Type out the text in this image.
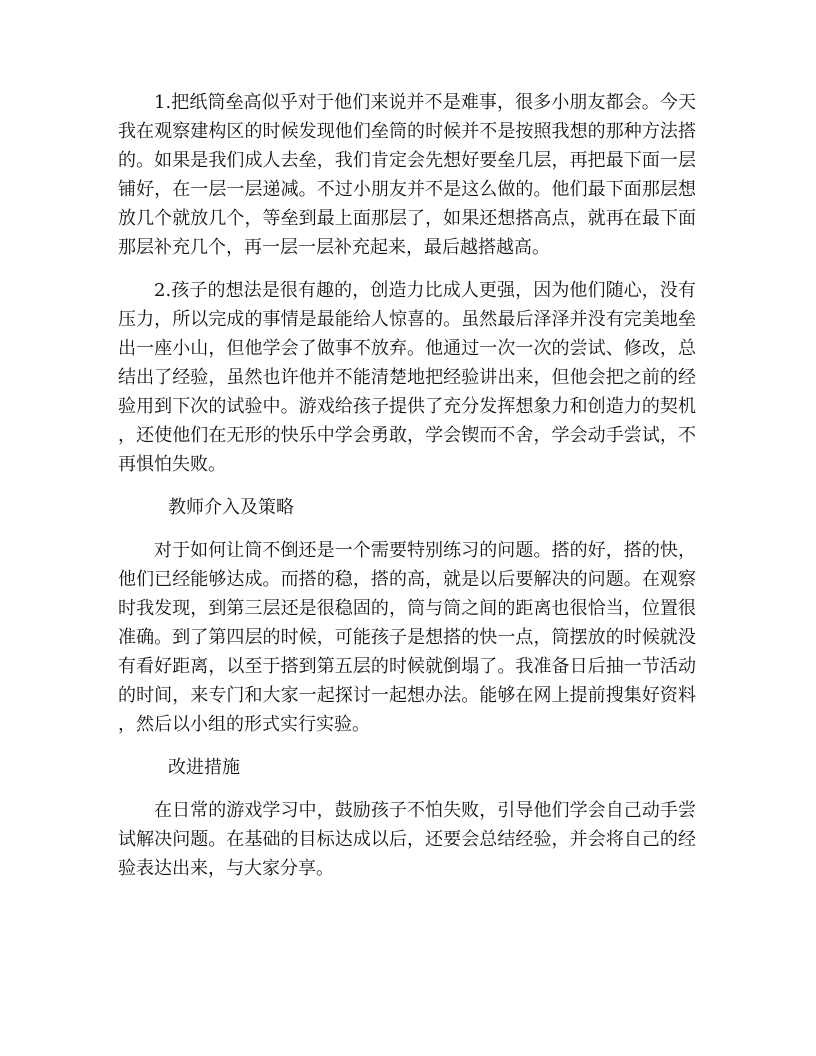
1.把纸筒垒高似乎对于他们来说并不是难事，很多小朋友都会。今天我在观察建构区的时候发现他们垒筒的时候并不是按照我想的那种方法搭的。如果是我们成人去垒，我们肯定会先想好要垒几层，再把最下面一层铺好，在一层一层递减。不过小朋友并不是这么做的。他们最下面那层想放几个就放几个，等垒到最上面那层了，如果还想搭高点，就再在最下面那层补充几个，再一层一层补充起来，最后越搭越高。

2.孩子的想法是很有趣的，创造力比成人更强，因为他们随心，没有压力，所以完成的事情是最能给人惊喜的。虽然最后泽泽并没有完美地垒出一座小山，但他学会了做事不放弃。他通过一次一次的尝试、修改，总结出了经验，虽然也许他并不能清楚地把经验讲出来，但他会把之前的经验用到下次的试验中。游戏给孩子提供了充分发挥想象力和创造力的契机，还使他们在无形的快乐中学会勇敢，学会锲而不舍，学会动手尝试，不再惧怕失败。

教师介入及策略

对于如何让筒不倒还是一个需要特别练习的问题。搭的好，搭的快，他们已经能够达成。而搭的稳，搭的高，就是以后要解决的问题。在观察时我发现，到第三层还是很稳固的，筒与筒之间的距离也很恰当，位置很准确。到了第四层的时候，可能孩子是想搭的快一点，筒摆放的时候就没有看好距离，以至于搭到第五层的时候就倒塌了。我准备日后抽一节活动的时间，来专门和大家一起探讨一起想办法。能够在网上提前搜集好资料，然后以小组的形式实行实验。

改进措施

在日常的游戏学习中，鼓励孩子不怕失败，引导他们学会自己动手尝试解决问题。在基础的目标达成以后，还要会总结经验，并会将自己的经验表达出来，与大家分享。
